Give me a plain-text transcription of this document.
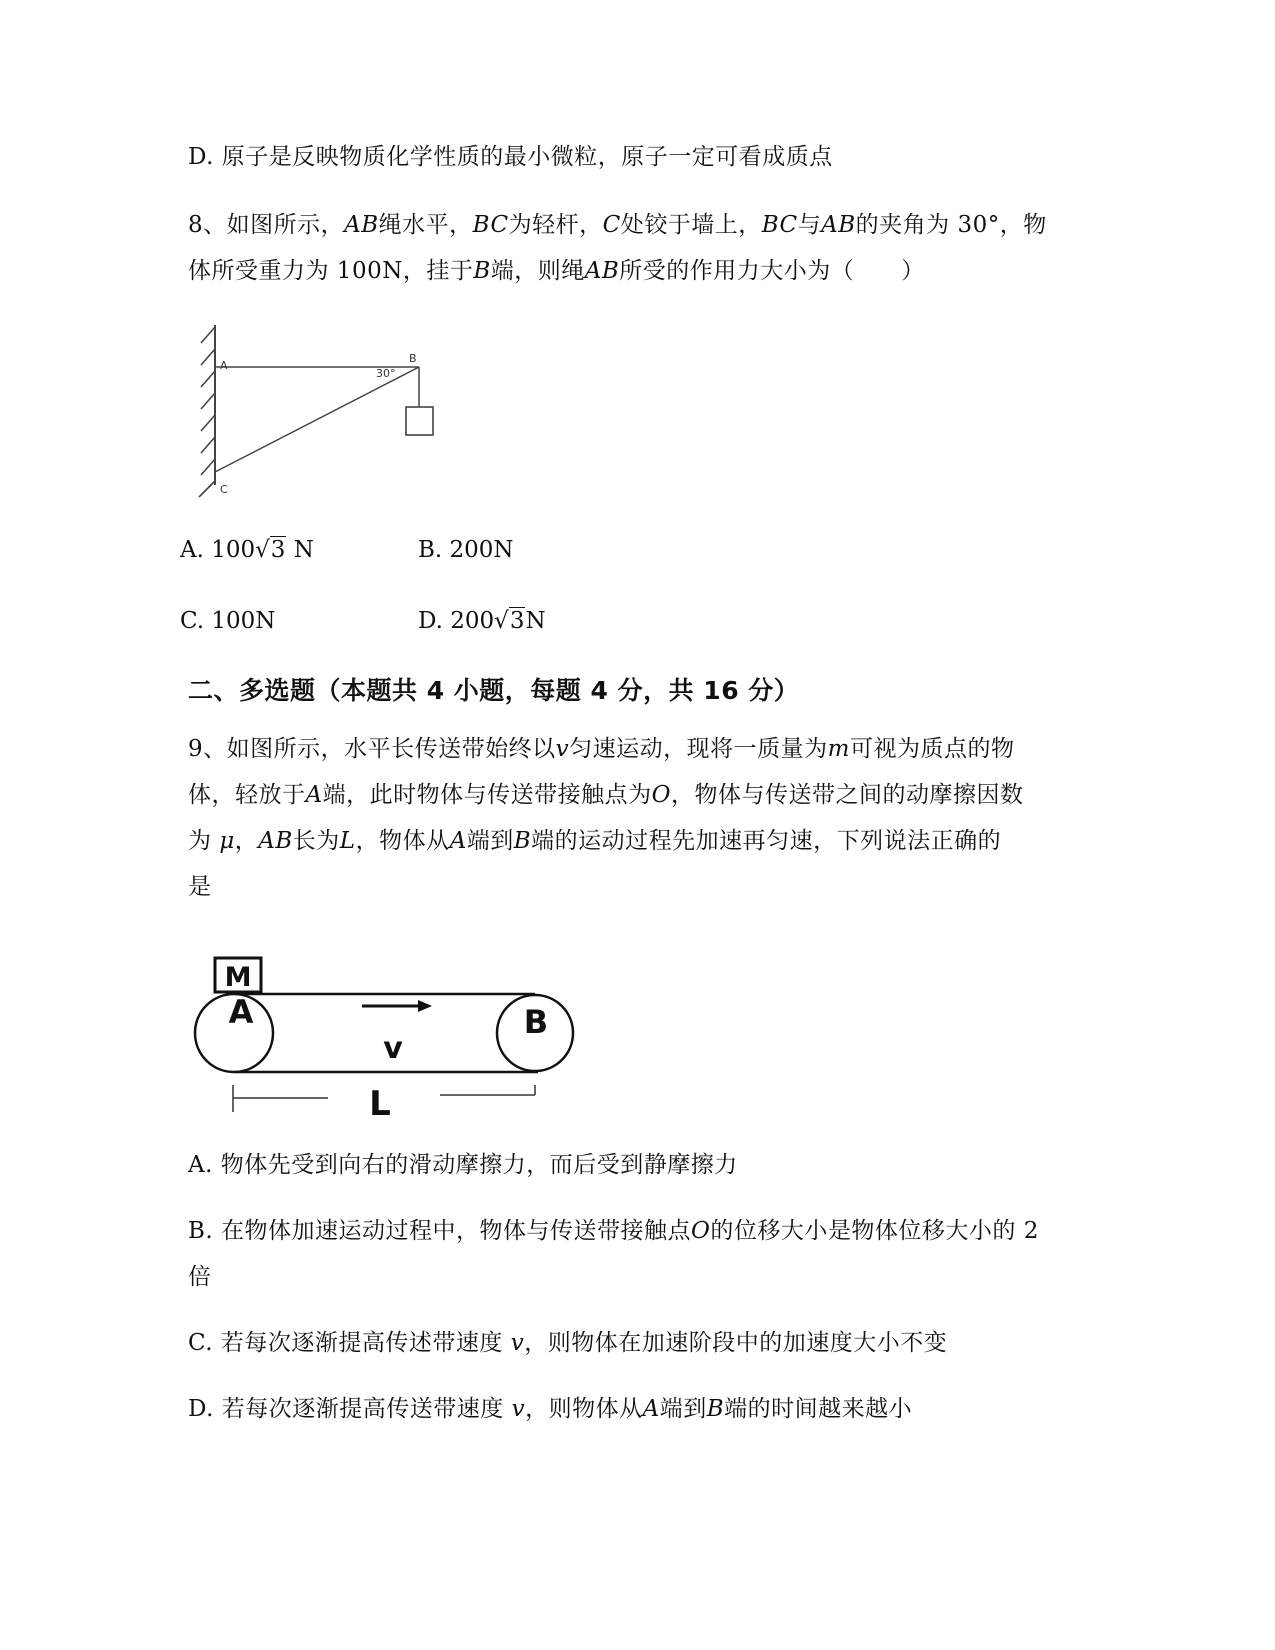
D. 原子是反映物质化学性质的最小微粒，原子一定可看成质点
8、如图所示，AB绳水平，BC为轻杆，C处铰于墙上，BC与AB的夹角为 30°，物
体所受重力为 100N，挂于B端，则绳AB所受的作用力大小为（　　）
A
B
C
30°
A. 100√3 N	B. 200N
C. 100N	D. 200√3N
二、多选题（本题共 4 小题，每题 4 分，共 16 分）
9、如图所示，水平长传送带始终以v匀速运动，现将一质量为m可视为质点的物
体，轻放于A端，此时物体与传送带接触点为O，物体与传送带之间的动摩擦因数
为 μ，AB长为L，物体从A端到B端的运动过程先加速再匀速，下列说法正确的
是
M
A	B
v
L
A. 物体先受到向右的滑动摩擦力，而后受到静摩擦力
B. 在物体加速运动过程中，物体与传送带接触点O的位移大小是物体位移大小的 2
倍
C. 若每次逐渐提高传述带速度 v，则物体在加速阶段中的加速度大小不变
D. 若每次逐渐提高传送带速度 v，则物体从A端到B端的时间越来越小
